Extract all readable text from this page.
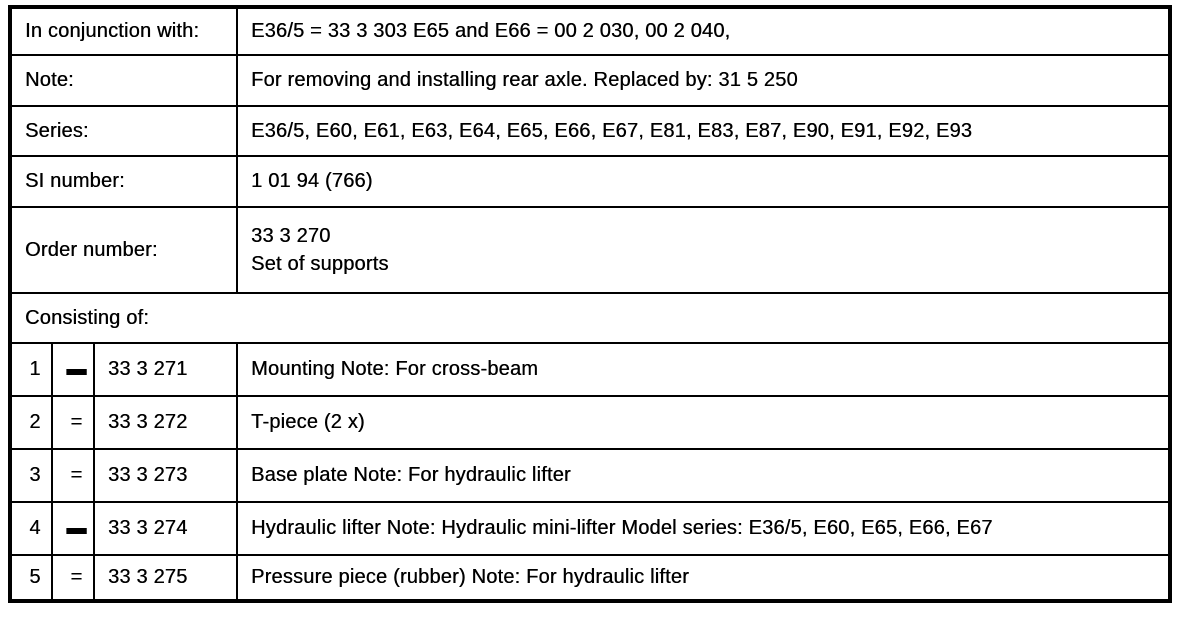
In conjunction with:			E36/5 = 33 3 303 E65 and E66 = 00 2 030, 00 2 040,
Note:			For removing and installing rear axle. Replaced by: 31 5 250
Series:			E36/5, E60, E61, E63, E64, E65, E66, E67, E81, E83, E87, E90, E91, E92, E93
SI number:			1 01 94 (766)
Order number:			33 3 270
Set of supports

Consisting of:			
1	▬	33 3 271	Mounting Note: For cross-beam
2	=	33 3 272	T-piece (2 x)
3	=	33 3 273	Base plate Note: For hydraulic lifter
4	▬	33 3 274	Hydraulic lifter Note: Hydraulic mini-lifter Model series: E36/5, E60, E65, E66, E67
5	=	33 3 275	Pressure piece (rubber) Note: For hydraulic lifter
